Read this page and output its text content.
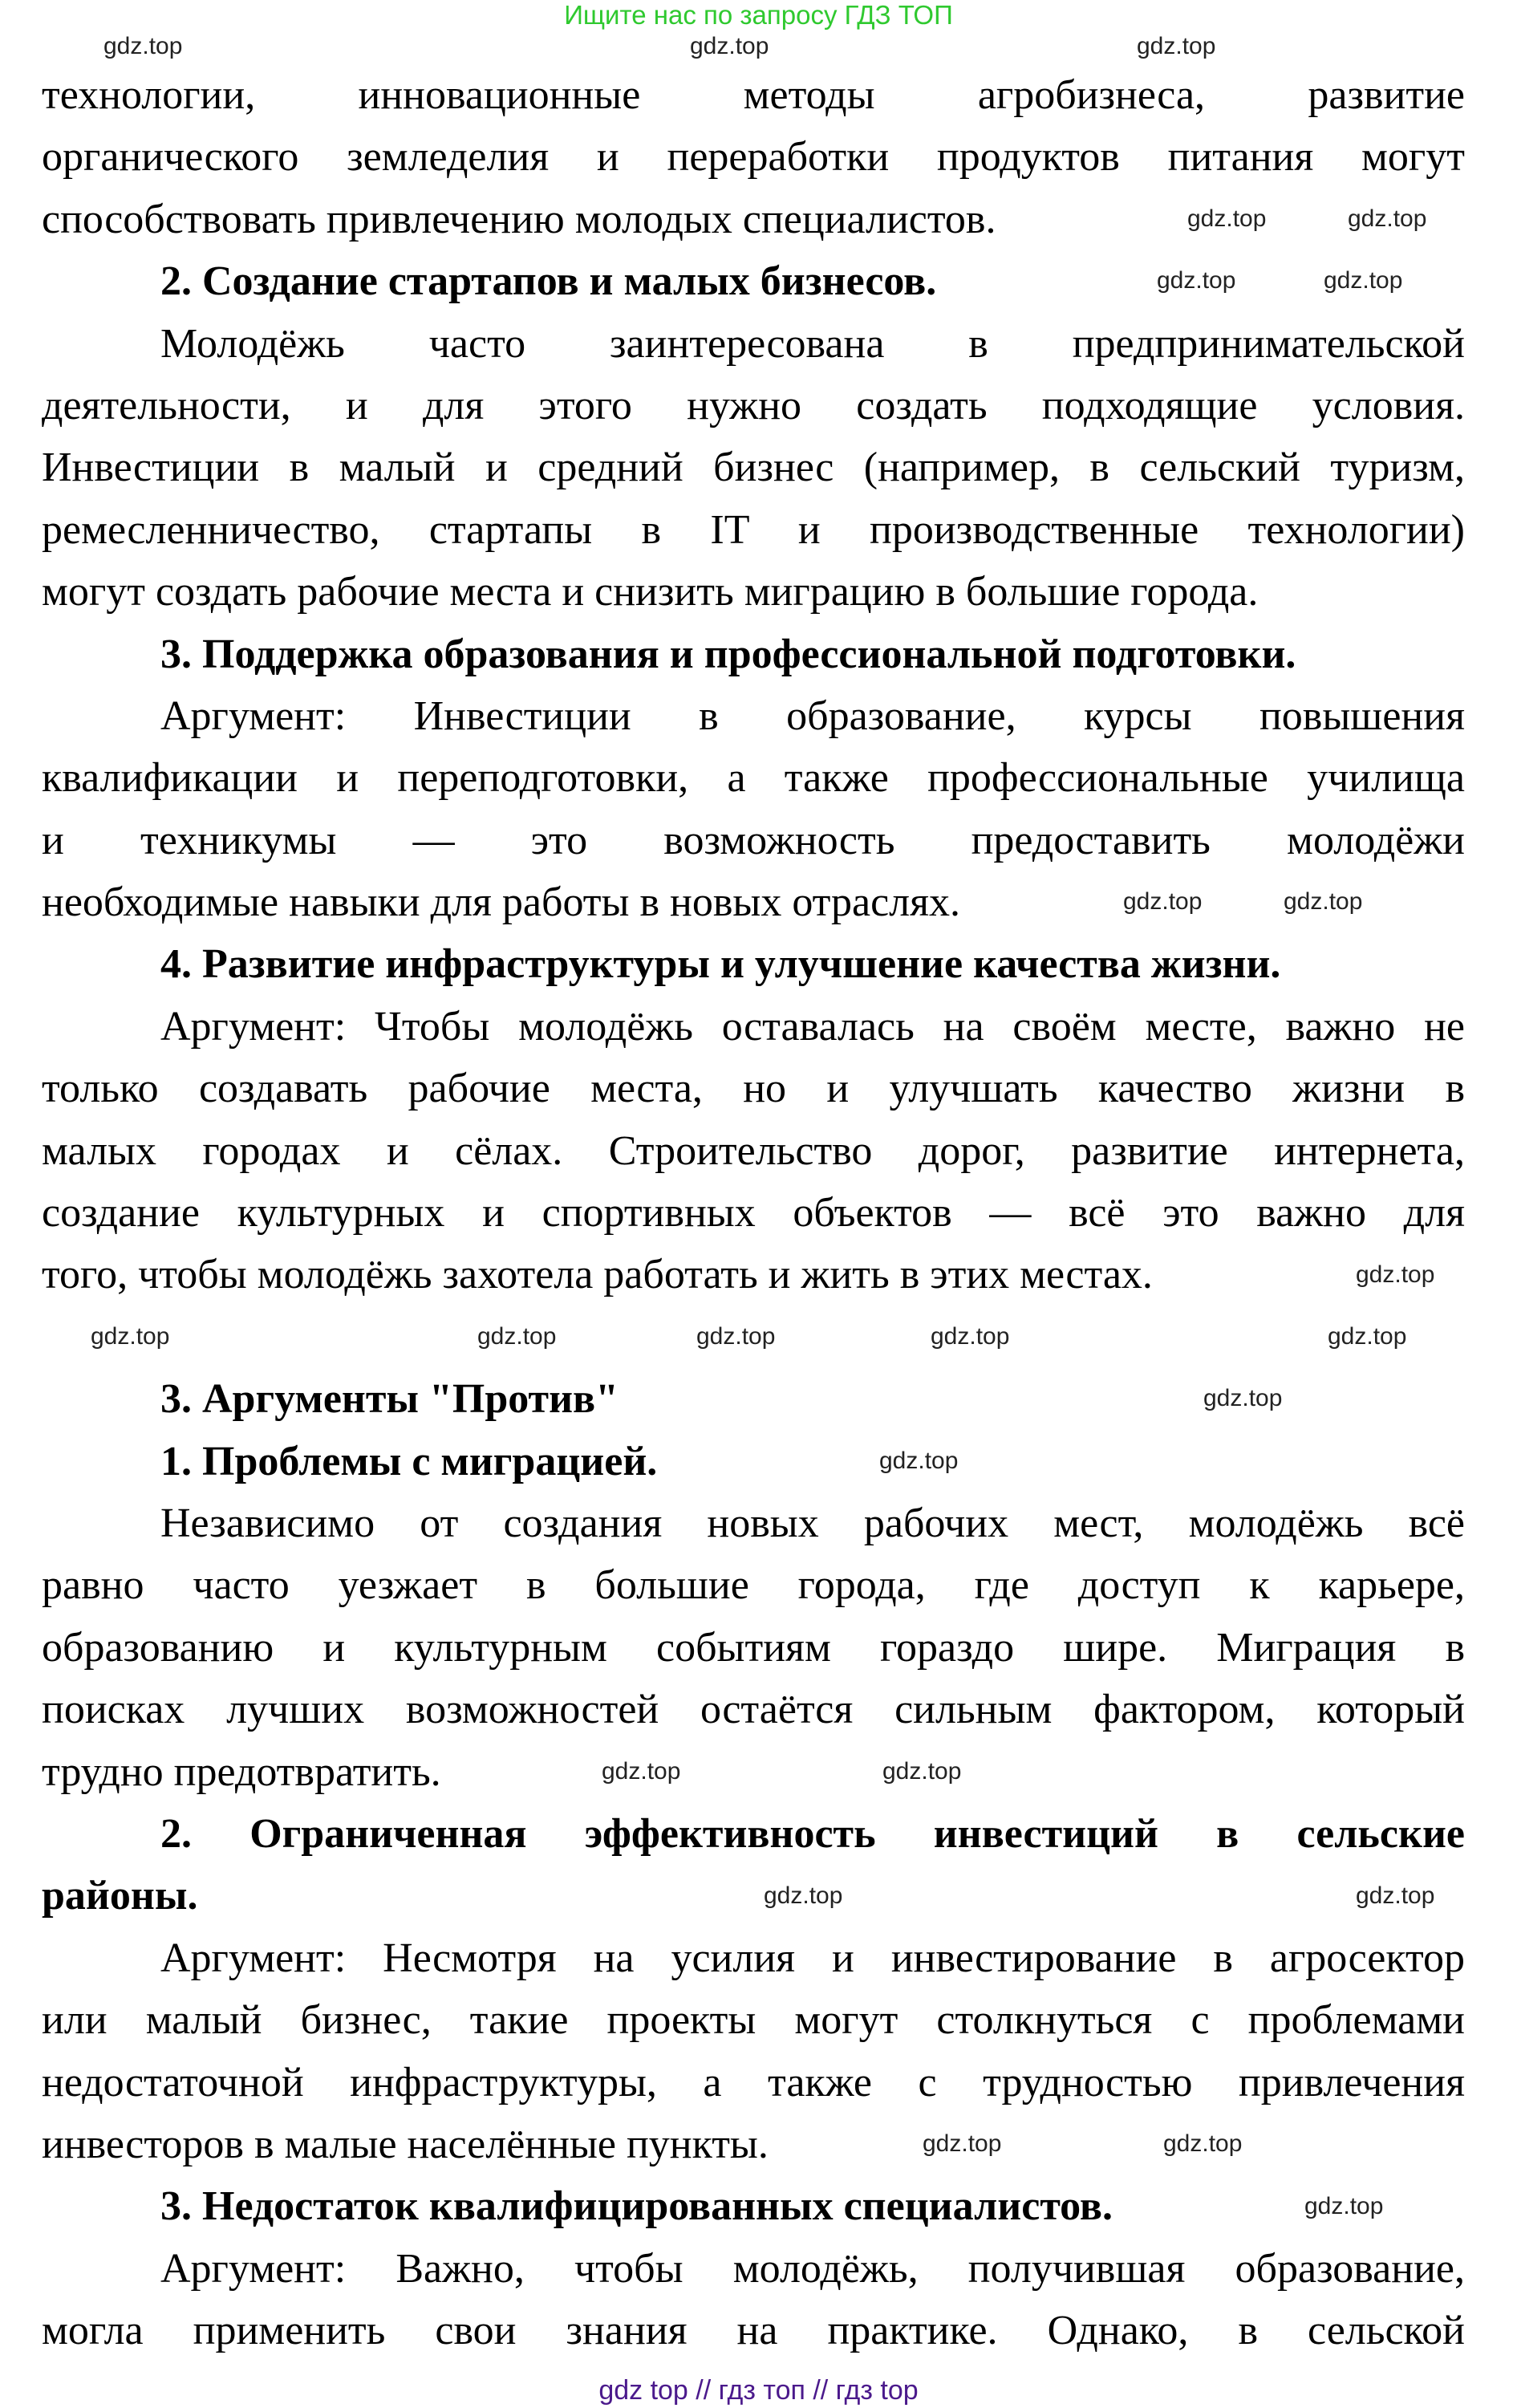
Ищите нас по запросу ГДЗ ТОП
технологии, инновационные методы агробизнеса, развитие
органического земледелия и переработки продуктов питания могут
способствовать привлечению молодых специалистов.
2. Создание стартапов и малых бизнесов.
Молодёжь часто заинтересована в предпринимательской
деятельности, и для этого нужно создать подходящие условия.
Инвестиции в малый и средний бизнес (например, в сельский туризм,
ремесленничество, стартапы в IT и производственные технологии)
могут создать рабочие места и снизить миграцию в большие города.
3. Поддержка образования и профессиональной подготовки.
Аргумент: Инвестиции в образование, курсы повышения
квалификации и переподготовки, а также профессиональные училища
и техникумы — это возможность предоставить молодёжи
необходимые навыки для работы в новых отраслях.
4. Развитие инфраструктуры и улучшение качества жизни.
Аргумент: Чтобы молодёжь оставалась на своём месте, важно не
только создавать рабочие места, но и улучшать качество жизни в
малых городах и сёлах. Строительство дорог, развитие интернета,
создание культурных и спортивных объектов — всё это важно для
того, чтобы молодёжь захотела работать и жить в этих местах.
3. Аргументы "Против"
1. Проблемы с миграцией.
Независимо от создания новых рабочих мест, молодёжь всё
равно часто уезжает в большие города, где доступ к карьере,
образованию и культурным событиям гораздо шире. Миграция в
поисках лучших возможностей остаётся сильным фактором, который
трудно предотвратить.
2. Ограниченная эффективность инвестиций в сельские
районы.
Аргумент: Несмотря на усилия и инвестирование в агросектор
или малый бизнес, такие проекты могут столкнуться с проблемами
недостаточной инфраструктуры, а также с трудностью привлечения
инвесторов в малые населённые пункты.
3. Недостаток квалифицированных специалистов.
Аргумент: Важно, чтобы молодёжь, получившая образование,
могла применить свои знания на практике. Однако, в сельской
gdz.top
gdz.top
gdz.top
gdz.top
gdz.top
gdz.top	gdz.top
gdz.top
gdz.top
gdz.top
gdz.top
gdz.top	gdz.top
gdz.top
gdz.top
gdz.top
gdz.top	gdz.top
gdz.top
gdz.top
gdz.top	gdz.top
gdz.top
gdz.top
gdz top // гдз топ // гдз top
